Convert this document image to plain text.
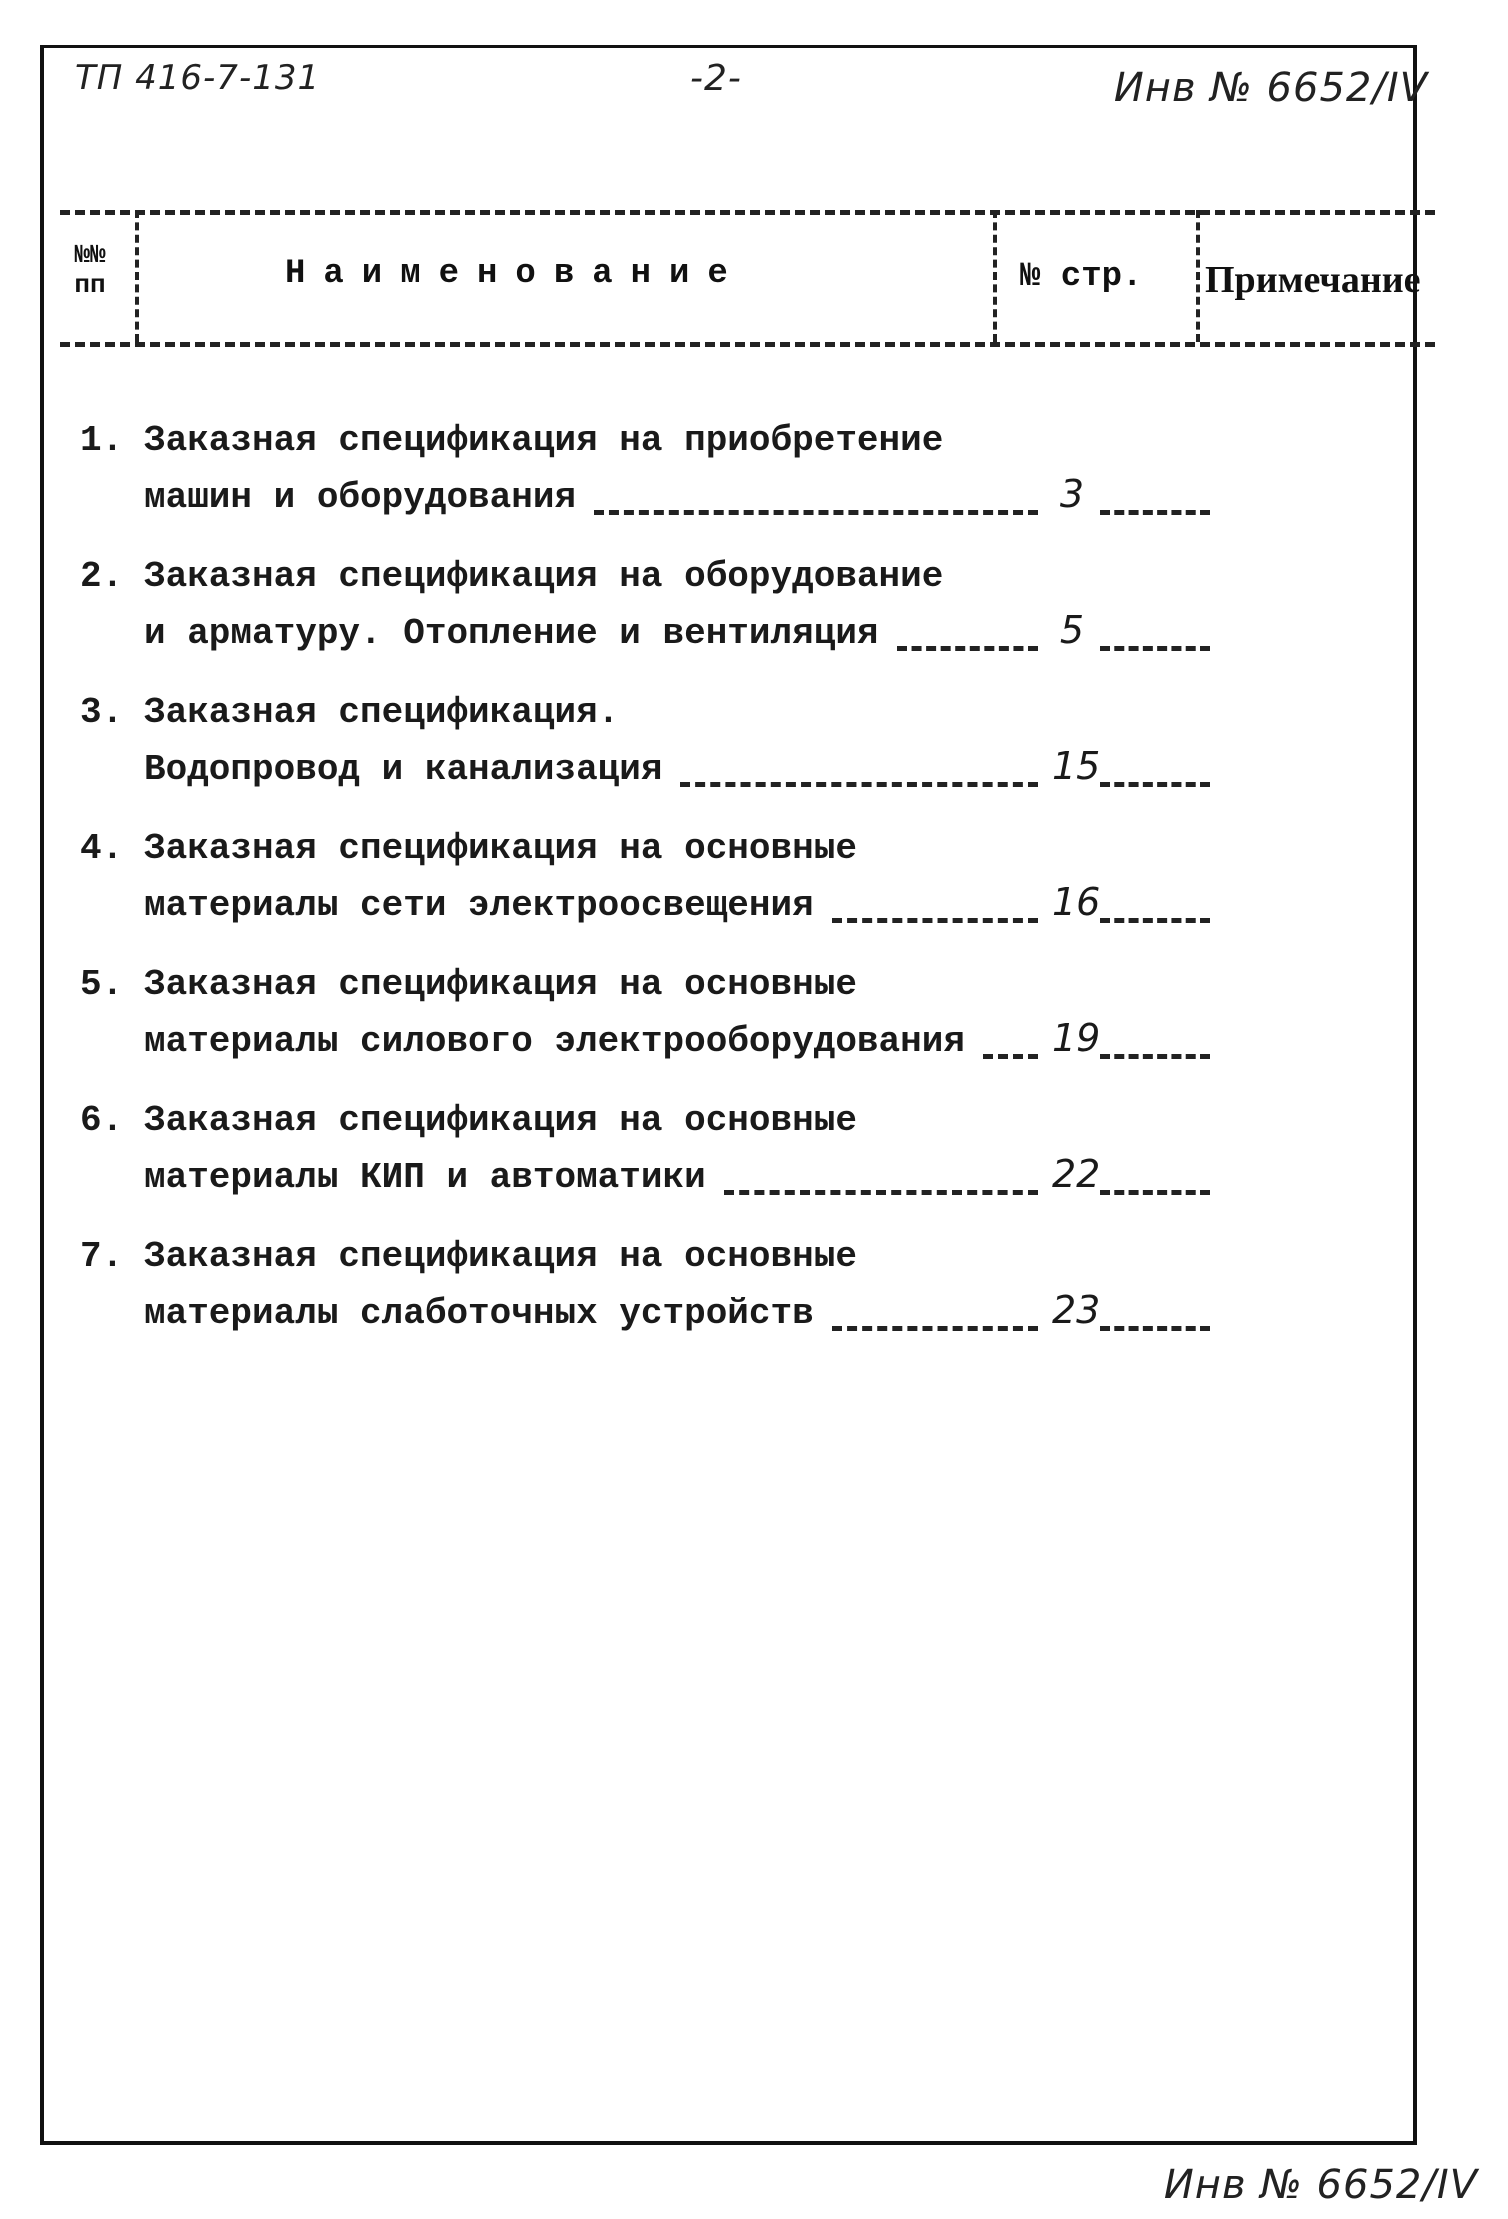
ТП 416-7-131	-2-	Инв № 6652/IV
№№ пп	Наименование	№ стр. Примечание
1. Заказная спецификация на приобретение
машин и оборудования	3
2. Заказная спецификация на оборудование
и арматуру. Отопление и вентиляция	5
3. Заказная спецификация.
Водопровод и канализация	15
4. Заказная спецификация на основные
материалы сети электроосвещения	16
5. Заказная спецификация на основные
материалы силового электрооборудования 19
6. Заказная спецификация на основные
материалы КИП и автоматики	22
7. Заказная спецификация на основные
материалы слаботочных устройств	23
Инв № 6652/IV
